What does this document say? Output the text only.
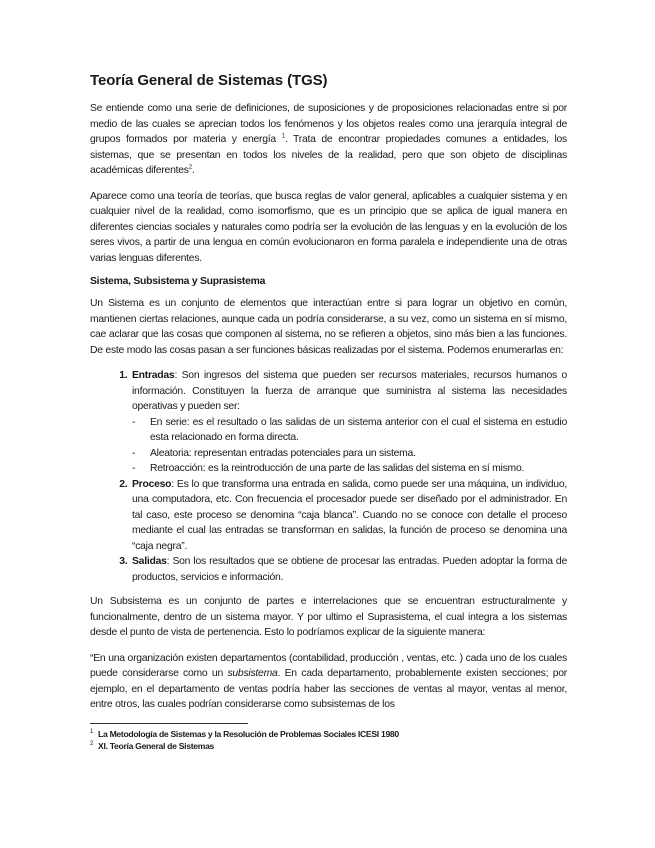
Teoría General de Sistemas (TGS)

Se entiende como una serie de definiciones, de suposiciones y de proposiciones relacionadas entre si por medio de las cuales se aprecian todos los fenómenos y los objetos reales como una jerarquía integral de grupos formados por materia y energía $^1$. Trata de encontrar propiedades comunes a entidades, los sistemas, que se presentan en todos los niveles de la realidad, pero que son objeto de disciplinas académicas diferentes$^2$.

Aparece como una teoría de teorías, que busca reglas de valor general, aplicables a cualquier sistema y en cualquier nivel de la realidad, como isomorfismo, que es un principio que se aplica de igual manera en diferentes ciencias sociales y naturales como podría ser la evolución de las lenguas y en la evolución de los seres vivos, a partir de una lengua en común evolucionaron en forma paralela e independiente una de otras varias lenguas diferentes.

Sistema, Subsistema y Suprasistema

Un Sistema es un conjunto de elementos que interactúan entre si para lograr un objetivo en común, mantienen ciertas relaciones, aunque cada un podría considerarse, a su vez, como un sistema en sí mismo, cae aclarar que las cosas que componen al sistema, no se refieren a objetos, sino más bien a las funciones. De este modo las cosas pasan a ser funciones básicas realizadas por el sistema. Podemos enumerarlas en:

1. Entradas: Son ingresos del sistema que pueden ser recursos materiales, recursos humanos o información. Constituyen la fuerza de arranque que suministra al sistema las necesidades operativas y pueden ser:
- En serie: es el resultado o las salidas de un sistema anterior con el cual el sistema en estudio esta relacionado en forma directa.
- Aleatoria: representan entradas potenciales para un sistema.
- Retroacción: es la reintroducción de una parte de las salidas del sistema en sí mismo.
2. Proceso: Es lo que transforma una entrada en salida, como puede ser una máquina, un individuo, una computadora, etc. Con frecuencia el procesador puede ser diseñado por el administrador. En tal caso, este proceso se denomina “caja blanca”. Cuando no se conoce con detalle el proceso mediante el cual las entradas se transforman en salidas, la función de proceso se denomina una “caja negra”.
3. Salidas: Son los resultados que se obtiene de procesar las entradas. Pueden adoptar la forma de productos, servicios e información.

Un Subsistema es un conjunto de partes e interrelaciones que se encuentran estructuralmente y funcionalmente, dentro de un sistema mayor. Y por ultimo el Suprasistema, el cual integra a los sistemas desde el punto de vista de pertenencia. Esto lo podríamos explicar de la siguiente manera:

“En una organización existen departamentos (contabilidad, producción , ventas, etc. ) cada uno de los cuales puede considerarse como un subsistema. En cada departamento, probablemente existen secciones; por ejemplo, en el departamento de ventas podría haber las secciones de ventas al mayor, ventas al menor, entre otros, las cuales podrían considerarse como subsistemas de los

$^1$ La Metodología de Sistemas y la Resolución de Problemas Sociales ICESI 1980
$^2$ XI. Teoría General de Sistemas
